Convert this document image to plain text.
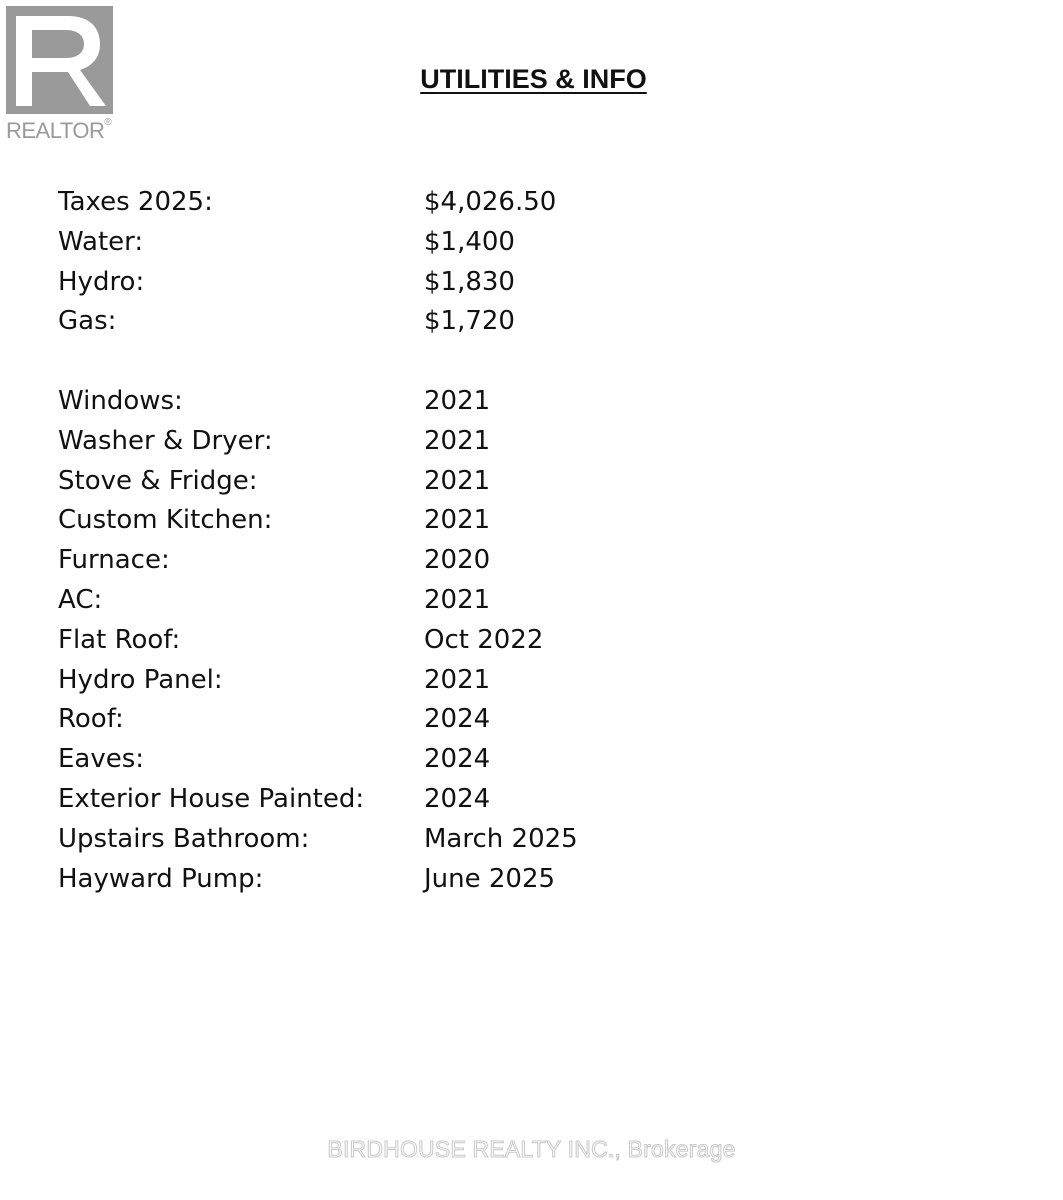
REALTOR®
UTILITIES & INFO
Taxes 2025:	$4,026.50
Water:	$1,400
Hydro:	$1,830
Gas:	$1,720
Windows:	2021
Washer & Dryer:	2021
Stove & Fridge:	2021
Custom Kitchen:	2021
Furnace:	2020
AC:	2021
Flat Roof:	Oct 2022
Hydro Panel:	2021
Roof:	2024
Eaves:	2024
Exterior House Painted: 2024
Upstairs Bathroom:	March 2025
Hayward Pump:	June 2025
BIRDHOUSE REALTY INC., Brokerage
